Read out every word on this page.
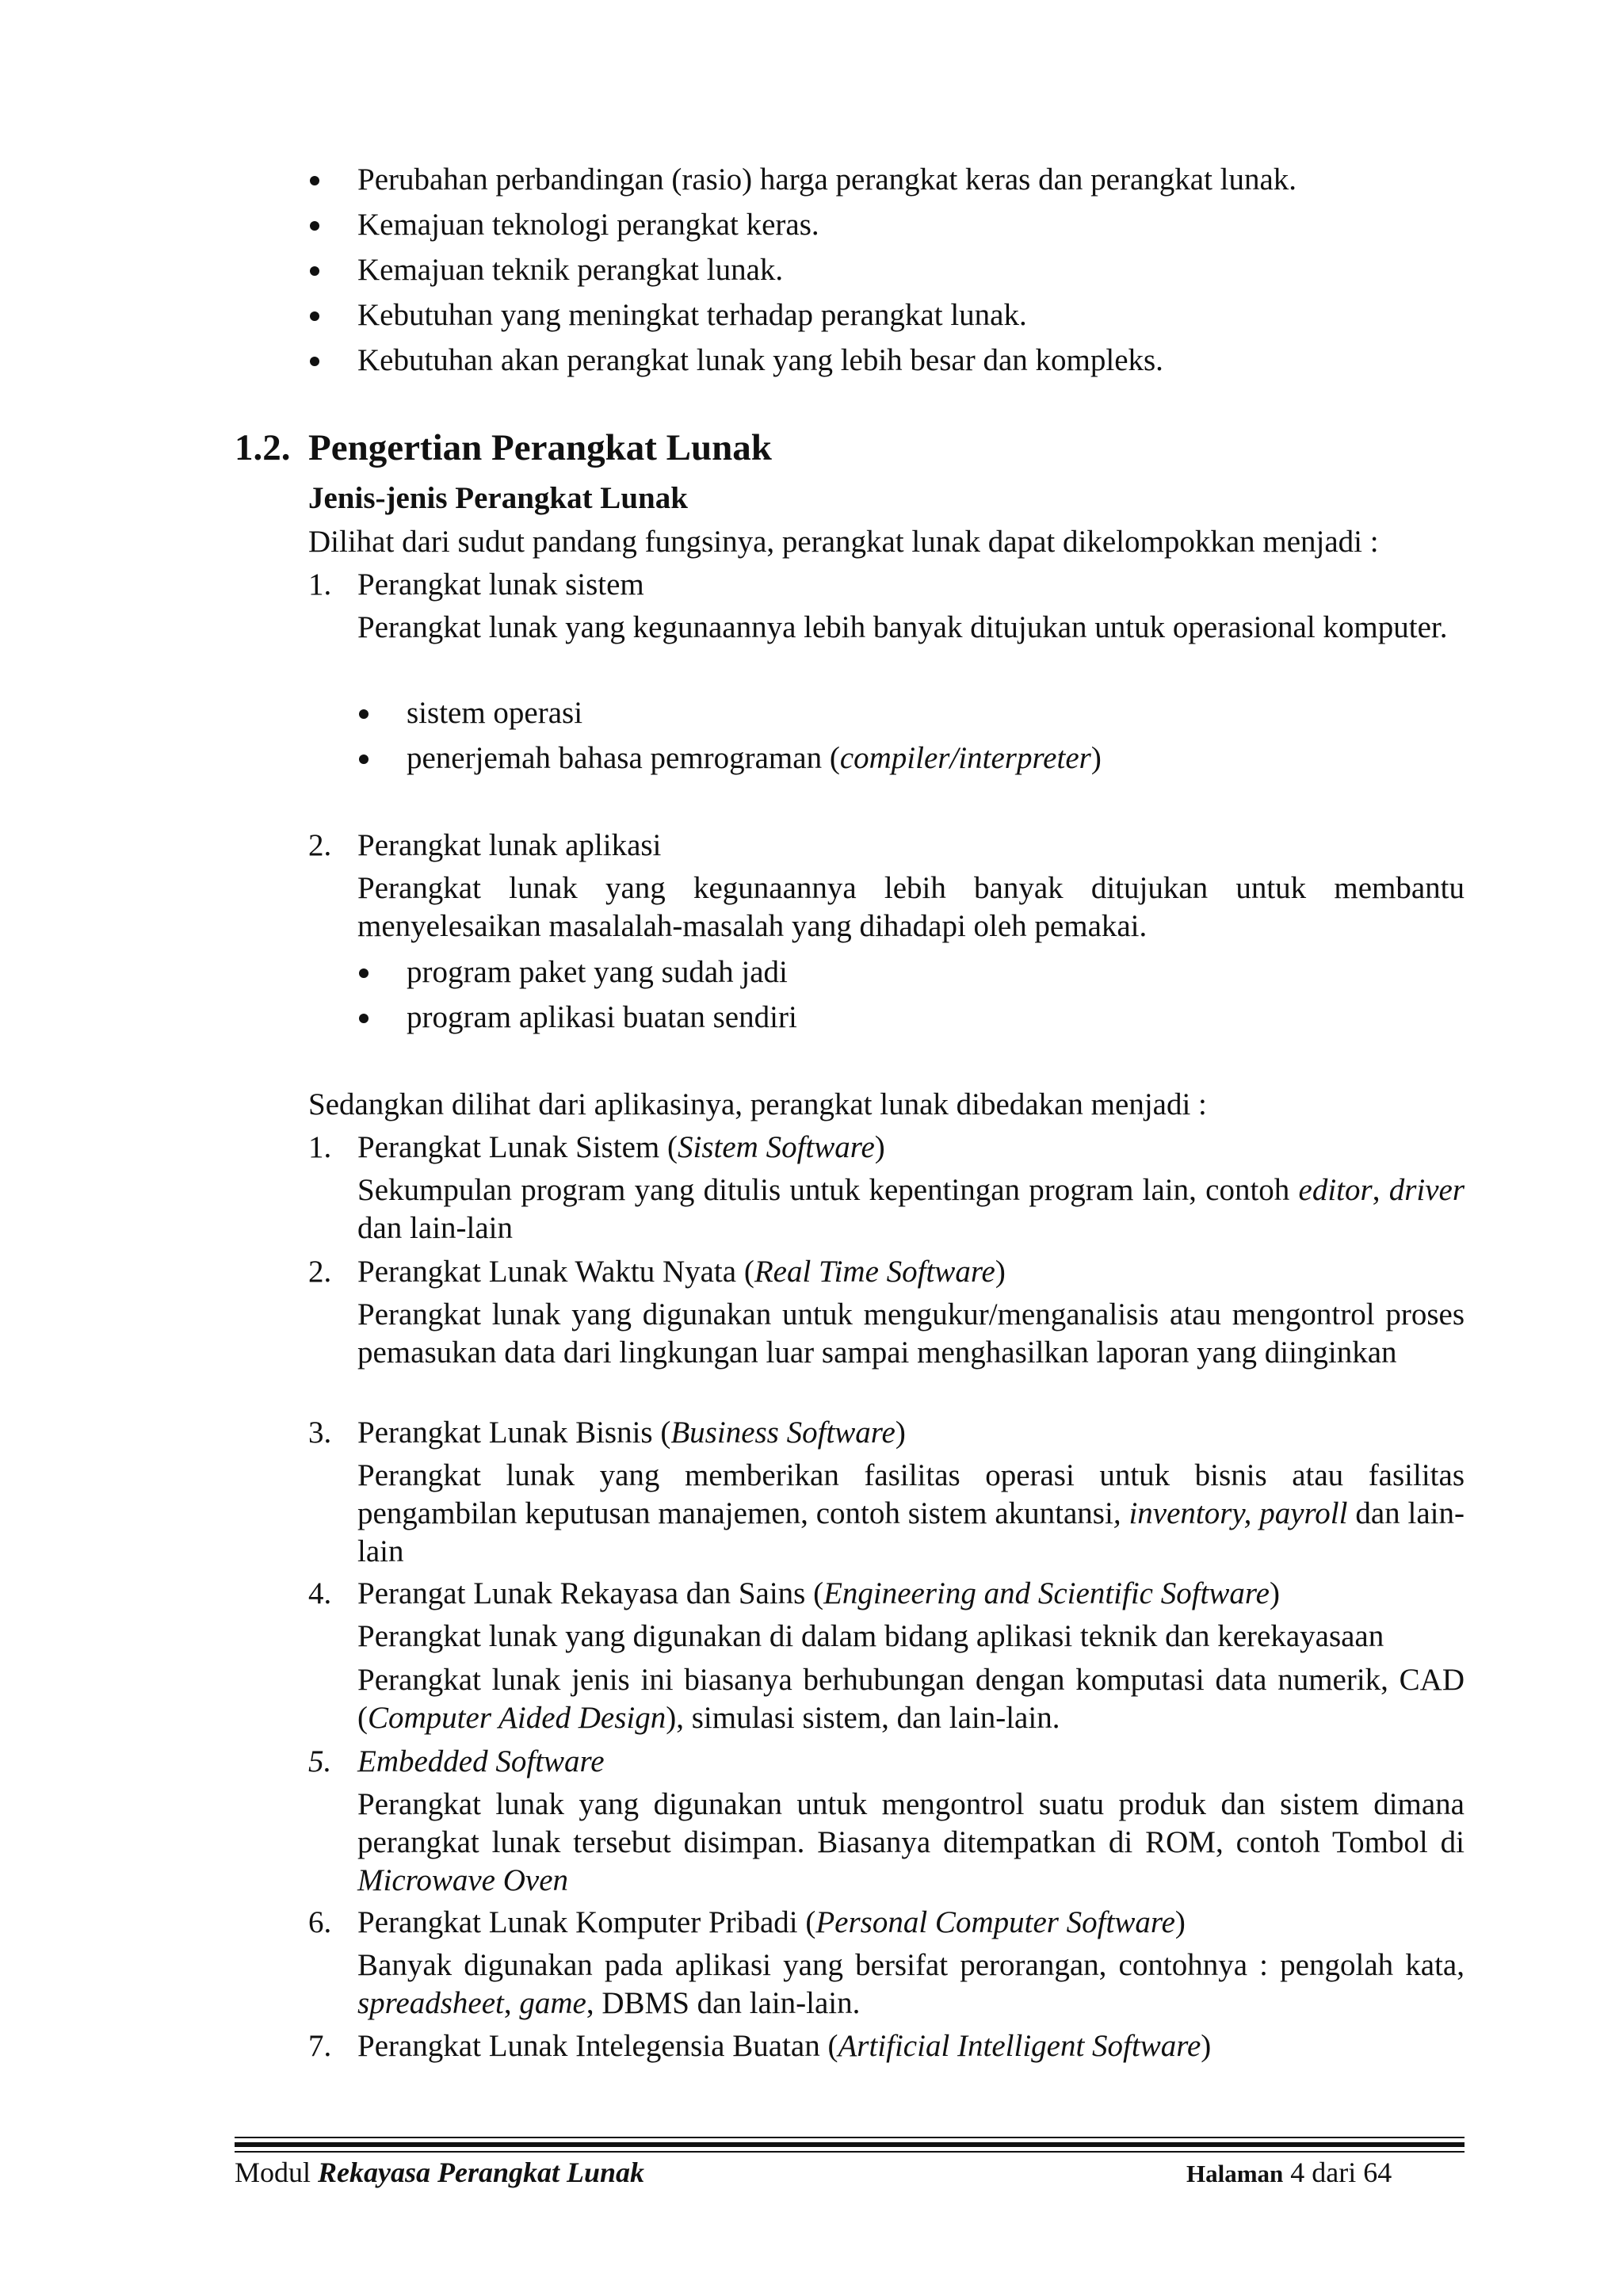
Perubahan perbandingan (rasio) harga perangkat keras dan perangkat lunak.
Kemajuan teknologi perangkat keras.
Kemajuan teknik perangkat lunak.
Kebutuhan yang meningkat terhadap perangkat lunak.
Kebutuhan akan perangkat lunak yang lebih besar dan kompleks.
1.2. Pengertian Perangkat Lunak
Jenis-jenis Perangkat Lunak
Dilihat dari sudut pandang fungsinya, perangkat lunak dapat dikelompokkan menjadi :
1. Perangkat lunak sistem
Perangkat lunak yang kegunaannya lebih banyak ditujukan untuk operasional komputer.
sistem operasi
penerjemah bahasa pemrograman (compiler/interpreter)
2. Perangkat lunak aplikasi
Perangkat lunak yang kegunaannya lebih banyak ditujukan untuk membantu menyelesaikan masalalah-masalah yang dihadapi oleh pemakai.
program paket yang sudah jadi
program aplikasi buatan sendiri
Sedangkan dilihat dari aplikasinya, perangkat lunak dibedakan menjadi :
1. Perangkat Lunak Sistem (Sistem Software)
Sekumpulan program yang ditulis untuk kepentingan program lain, contoh editor, driver dan lain-lain
2. Perangkat Lunak Waktu Nyata (Real Time Software)
Perangkat lunak yang digunakan untuk mengukur/menganalisis atau mengontrol proses pemasukan data dari lingkungan luar sampai menghasilkan laporan yang diinginkan
3. Perangkat Lunak Bisnis (Business Software)
Perangkat lunak yang memberikan fasilitas operasi untuk bisnis atau fasilitas pengambilan keputusan manajemen, contoh sistem akuntansi, inventory, payroll dan lain-lain
4. Perangat Lunak Rekayasa dan Sains (Engineering and Scientific Software)
Perangkat lunak yang digunakan di dalam bidang aplikasi teknik dan kerekayasaan
Perangkat lunak jenis ini biasanya berhubungan dengan komputasi data numerik, CAD (Computer Aided Design), simulasi sistem, dan lain-lain.
5. Embedded Software
Perangkat lunak yang digunakan untuk mengontrol suatu produk dan sistem dimana perangkat lunak tersebut disimpan. Biasanya ditempatkan di ROM, contoh Tombol di Microwave Oven
6. Perangkat Lunak Komputer Pribadi (Personal Computer Software)
Banyak digunakan pada aplikasi yang bersifat perorangan, contohnya : pengolah kata, spreadsheet, game, DBMS dan lain-lain.
7. Perangkat Lunak Intelegensia Buatan (Artificial Intelligent Software)
Modul Rekayasa Perangkat Lunak	Halaman 4 dari 64
